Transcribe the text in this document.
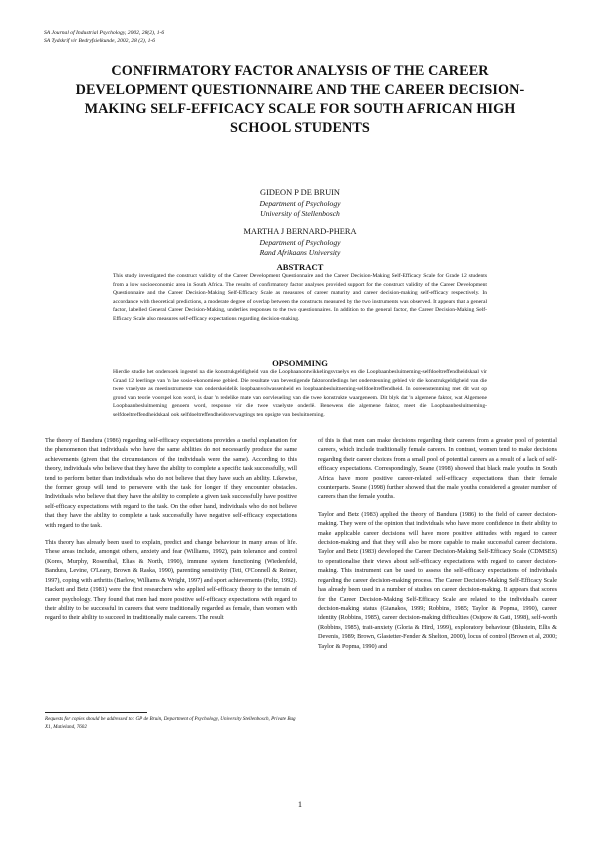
SA Journal of Industrial Psychology, 2002, 28(2), 1-6
SA Tydskrif vir Bedryfsielkunde, 2002, 28 (2), 1-6
CONFIRMATORY FACTOR ANALYSIS OF THE CAREER DEVELOPMENT QUESTIONNAIRE AND THE CAREER DECISION-MAKING SELF-EFFICACY SCALE FOR SOUTH AFRICAN HIGH SCHOOL STUDENTS
GIDEON P DE BRUIN
Department of Psychology
University of Stellenbosch
MARTHA J BERNARD-PHERA
Department of Psychology
Rand Afrikaans University
ABSTRACT

This study investigated the construct validity of the Career Development Questionnaire and the Career Decision-Making Self-Efficacy Scale for Grade 12 students from a low socioeconomic area in South Africa. The results of confirmatory factor analyses provided support for the construct validity of the Career Development Questionnaire and the Career Decision-Making Self-Efficacy Scale as measures of career maturity and career decision-making self-efficacy respectively. In accordance with theoretical predictions, a moderate degree of overlap between the constructs measured by the two instruments was observed. It appears that a general factor, labelled General Career Decision-Making, underlies responses to the two questionnaires. In addition to the general factor, the Career Decision-Making Self-Efficacy Scale also measures self-efficacy expectations regarding decision-making.

OPSOMMING

Hierdie studie het ondersoek ingestel na die konstrukgeldigheid van die Loopbaanontwikkelingsvraelys en die Loopbaanbesluitneming-selfdoeltreffendheidskaal vir Graad 12 leerlinge van 'n lae sosio-ekonomiese gebied. Die resultate van bevestigende faktorontledings het ondersteuning gebied vir die konstrukgeldigheid van die twee vraelyste as meetinstrumente van onderskeidelik loopbaanvolwassenheid en loopbaanbesluitneming-selfdoeltreffendheid. In ooreenstemming met dit wat op grond van teorie voorspel kon word, is daar 'n redelike mate van oorvleueling van die twee konstrukte waargeneem. Dit blyk dat 'n algemene faktor, wat Algemene Loopbaanbesluitneming genoem word, response vir die twee vraelyste onderlê. Benewens die algemene faktor, meet die Loopbaanbesluitneming-selfdoeltreffendheidskaal ook selfdoeltreffendheidsverwagtings ten opsigte van besluitneming.

The theory of Bandura (1986) regarding self-efficacy expectations provides a useful explanation for the phenomenon that individuals who have the same abilities do not necessarily produce the same achievements (given that the circumstances of the individuals were the same). According to this theory, individuals who believe that they have the ability to complete a specific task successfully, will tend to perform better than individuals who do not believe that they have such an ability. Likewise, the former group will tend to persevere with the task for longer if they encounter obstacles. Individuals who believe that they have the ability to complete a given task successfully have positive self-efficacy expectations with regard to the task. On the other hand, individuals who do not believe that they have the ability to complete a task successfully have negative self-efficacy expectations with regard to the task.

This theory has already been used to explain, predict and change behaviour in many areas of life. These areas include, amongst others, anxiety and fear (Williams, 1992), pain tolerance and control (Kores, Murphy, Rosenthal, Elias & North, 1990), immune system functioning (Wiedenfeld, Bandura, Levine, O'Leary, Brown & Raska, 1990), parenting sensitivity (Teti, O'Connell & Reiner, 1997), coping with arthritis (Barlow, Williams & Wright, 1997) and sport achievements (Feltz, 1992). Hackett and Betz (1981) were the first researchers who applied self-efficacy theory to the terrain of career psychology. They found that men had more positive self-efficacy expectations with regard to their ability to be successful in careers that were traditionally regarded as female, than women with regard to their ability to succeed in traditionally male careers. The result

of this is that men can make decisions regarding their careers from a greater pool of potential careers, which include traditionally female careers. In contrast, women tend to make decisions regarding their career choices from a small pool of potential careers as a result of a lack of self-efficacy expectations. Correspondingly, Seane (1998) showed that black male youths in South Africa have more positive career-related self-efficacy expectations than their female counterparts. Seane (1998) further showed that the male youths considered a greater number of careers than the female youths.

Taylor and Betz (1983) applied the theory of Bandura (1986) to the field of career decision-making. They were of the opinion that individuals who have more confidence in their ability to make applicable career decisions will have more positive attitudes with regard to career decision-making and that they will also be more capable to make successful career decisions. Taylor and Betz (1983) developed the Career Decision-Making Self-Efficacy Scale (CDMSES) to operationalise their views about self-efficacy expectations with regard to career decision-making. This instrument can be used to assess the self-efficacy expectations of individuals regarding the career decision-making process. The Career Decision-Making Self-Efficacy Scale has already been used in a number of studies on career decision-making. It appears that scores for the Career Decision-Making Self-Efficacy Scale are related to the individual's career decision-making status (Gianakos, 1999; Robbins, 1985; Taylor & Popma, 1990), career identity (Robbins, 1985), career decision-making difficulties (Osipow & Gati, 1998), self-worth (Robbins, 1985), trait-anxiety (Gloria & Hird, 1999), exploratory behaviour (Blustein, Ellis & Devenis, 1989; Brown, Glastetter-Fender & Shelton, 2000), locus of control (Brown et al, 2000; Taylor & Popma, 1990) and

Requests for copies should be addressed to: GP de Bruin, Department of Psychology, University Stellenbosch, Private Bag X1, Matieland, 7602
1
